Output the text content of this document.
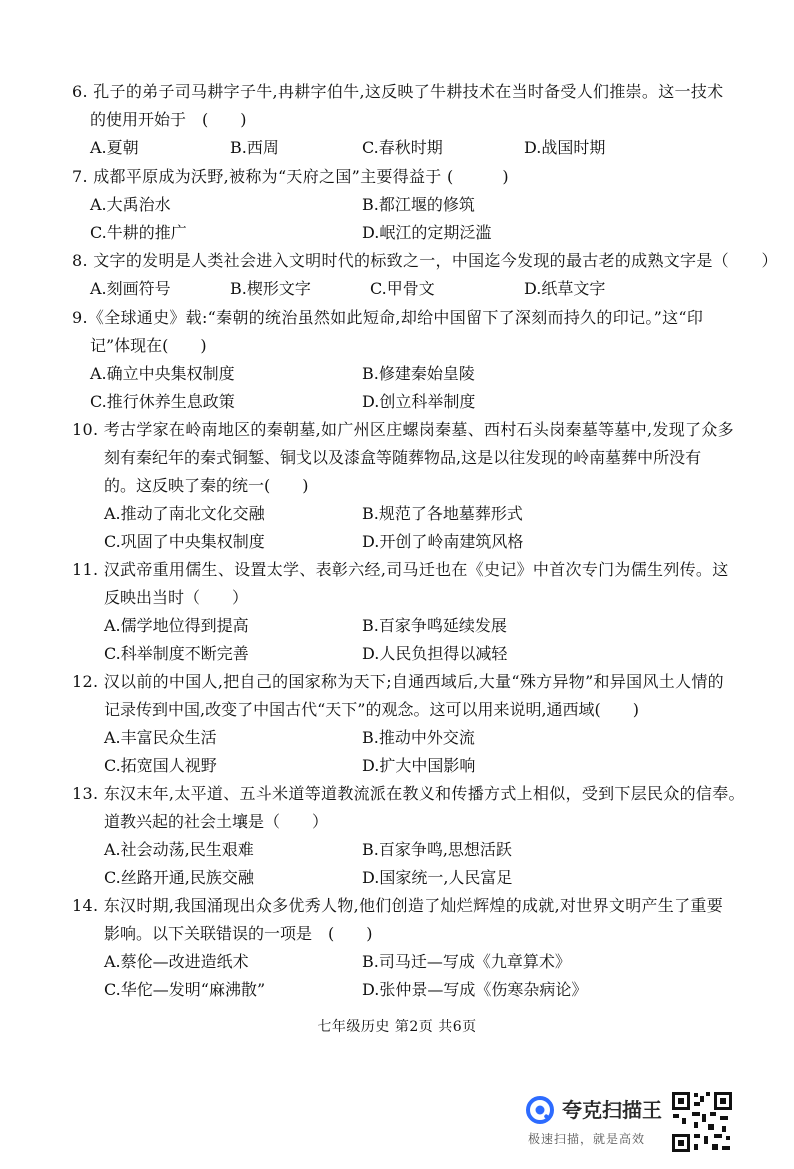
6. 孔子的弟子司马耕字子牛,冉耕字伯牛,这反映了牛耕技术在当时备受人们推崇。这一技术
的使用开始于　(　　)
A.夏朝	B.西周	C.春秋时期	D.战国时期
7. 成都平原成为沃野,被称为“天府之国”主要得益于 (　　　)
A.大禹治水	B.都江堰的修筑
C.牛耕的推广	D.岷江的定期泛滥
8. 文字的发明是人类社会进入文明时代的标致之一，中国迄今发现的最古老的成熟文字是（　　）
A.刻画符号	B.楔形文字	C.甲骨文	D.纸草文字
9.《全球通史》载:“秦朝的统治虽然如此短命,却给中国留下了深刻而持久的印记。”这“印
记”体现在(　　)
A.确立中央集权制度	B.修建秦始皇陵
C.推行休养生息政策	D.创立科举制度
10. 考古学家在岭南地区的秦朝墓,如广州区庄螺岗秦墓、西村石头岗秦墓等墓中,发现了众多
刻有秦纪年的秦式铜錾、铜戈以及漆盒等随葬物品,这是以往发现的岭南墓葬中所没有
的。这反映了秦的统一(　　)
A.推动了南北文化交融	B.规范了各地墓葬形式
C.巩固了中央集权制度	D.开创了岭南建筑风格
11. 汉武帝重用儒生、设置太学、表彰六经,司马迁也在《史记》中首次专门为儒生列传。这
反映出当时（　　）
A.儒学地位得到提高	B.百家争鸣延续发展
C.科举制度不断完善	D.人民负担得以减轻
12. 汉以前的中国人,把自己的国家称为天下;自通西域后,大量“殊方异物”和异国风土人情的
记录传到中国,改变了中国古代“天下”的观念。这可以用来说明,通西域(　　)
A.丰富民众生活	B.推动中外交流
C.拓宽国人视野	D.扩大中国影响
13. 东汉末年,太平道、五斗米道等道教流派在教义和传播方式上相似，受到下层民众的信奉。
道教兴起的社会土壤是（　　）
A.社会动荡,民生艰难	B.百家争鸣,思想活跃
C.丝路开通,民族交融	D.国家统一,人民富足
14. 东汉时期,我国涌现出众多优秀人物,他们创造了灿烂辉煌的成就,对世界文明产生了重要
影响。以下关联错误的一项是　(　　)
A.蔡伦—改进造纸术	B.司马迁—写成《九章算术》
C.华佗—发明“麻沸散”	D.张仲景—写成《伤寒杂病论》
七年级历史 第2页 共6页
夸克扫描王
极速扫描，就是高效
